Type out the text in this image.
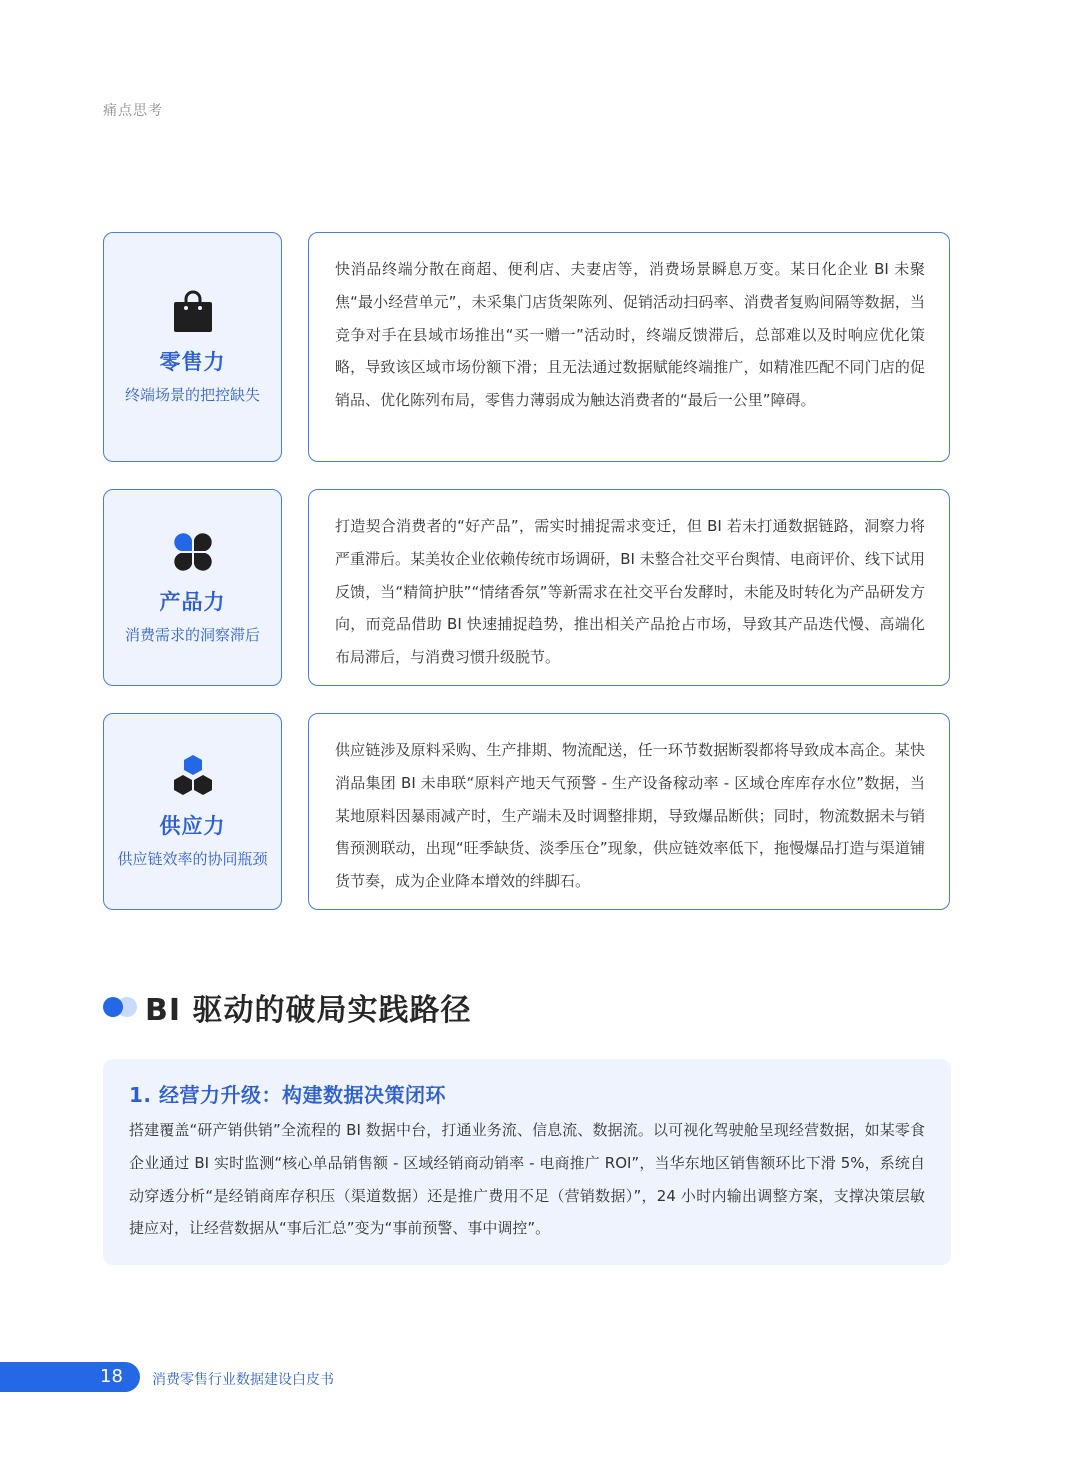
痛点思考
零售力
终端场景的把控缺失
快消品终端分散在商超、便利店、夫妻店等，消费场景瞬息万变。某日化企业 BI 未聚焦“最小经营单元”，未采集门店货架陈列、促销活动扫码率、消费者复购间隔等数据，当竞争对手在县域市场推出“买一赠一”活动时，终端反馈滞后，总部难以及时响应优化策略，导致该区域市场份额下滑；且无法通过数据赋能终端推广，如精准匹配不同门店的促销品、优化陈列布局，零售力薄弱成为触达消费者的“最后一公里”障碍。
产品力
消费需求的洞察滞后
打造契合消费者的“好产品”，需实时捕捉需求变迁，但 BI 若未打通数据链路，洞察力将严重滞后。某美妆企业依赖传统市场调研，BI 未整合社交平台舆情、电商评价、线下试用反馈，当“精简护肤”“情绪香氛”等新需求在社交平台发酵时，未能及时转化为产品研发方向，而竞品借助 BI 快速捕捉趋势，推出相关产品抢占市场，导致其产品迭代慢、高端化布局滞后，与消费习惯升级脱节。
供应力
供应链效率的协同瓶颈
供应链涉及原料采购、生产排期、物流配送，任一环节数据断裂都将导致成本高企。某快消品集团 BI 未串联“原料产地天气预警 - 生产设备稼动率 - 区域仓库库存水位”数据，当某地原料因暴雨减产时，生产端未及时调整排期，导致爆品断供；同时，物流数据未与销售预测联动，出现“旺季缺货、淡季压仓”现象，供应链效率低下，拖慢爆品打造与渠道铺货节奏，成为企业降本增效的绊脚石。
BI 驱动的破局实践路径
1. 经营力升级：构建数据决策闭环
搭建覆盖“研产销供销”全流程的 BI 数据中台，打通业务流、信息流、数据流。以可视化驾驶舱呈现经营数据，如某零食企业通过 BI 实时监测“核心单品销售额 - 区域经销商动销率 - 电商推广 ROI”，当华东地区销售额环比下滑 5%，系统自动穿透分析“是经销商库存积压（渠道数据）还是推广费用不足（营销数据）”，24 小时内输出调整方案，支撑决策层敏捷应对，让经营数据从“事后汇总”变为“事前预警、事中调控”。
18 消费零售行业数据建设白皮书
